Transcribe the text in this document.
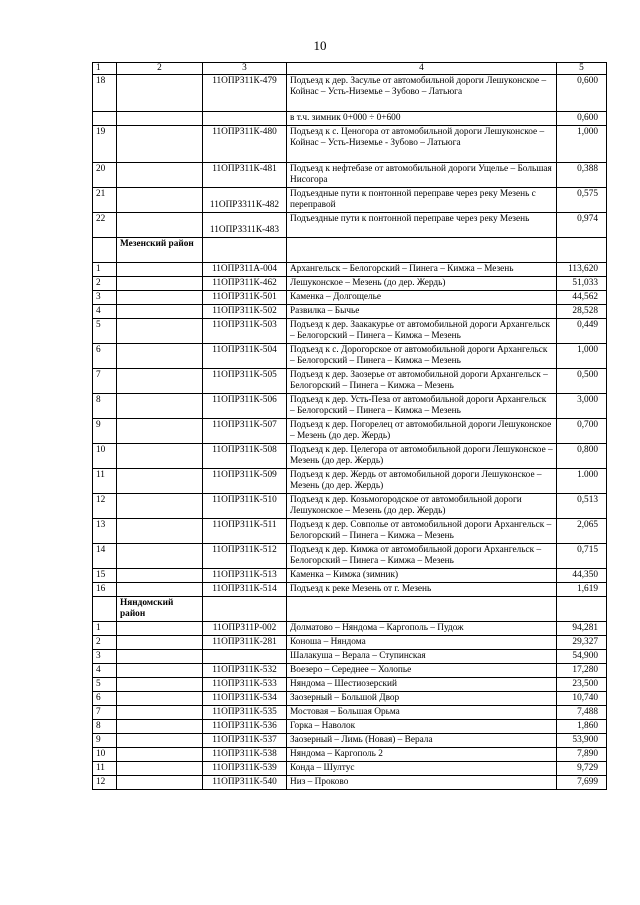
10
1	2	3	4	5
18		11ОПРЗ11К-479	Подъезд к дер. Засулье от автомобильной дороги Лешуконское – Койнас – Усть-Низемье – Зубово – Латьюга	0,600
			в т.ч. зимник 0+000 ÷ 0+600	0,600
19		11ОПРЗ11К-480	Подъезд к с. Ценогора от автомобильной дороги Лешуконское – Койнас – Усть-Низемье - Зубово – Латьюга	1,000
20		11ОПРЗ11К-481	Подъезд к нефтебазе от автомобильной дороги Ущелье – Большая Нисогора	0,388
21		11ОПРЗ311К-482	Подъездные пути к понтонной переправе через реку Мезень с переправой	0,575
22		11ОПРЗ311К-483	Подъездные пути к понтонной переправе через реку Мезень	0,974
	Мезенский район			
1		11ОПРЗ11А-004	Архангельск – Белогорский – Пинега – Кимжа – Мезень	113,620
2		11ОПРЗ11К-462	Лешуконское – Мезень (до дер. Жердь)	51,033
3		11ОПРЗ11К-501	Каменка – Долгощелье	44,562
4		11ОПРЗ11К-502	Развилка – Бычье	28,528
5		11ОПРЗ11К-503	Подъезд к дер. Заакакурье от автомобильной дороги Архангельск – Белогорский – Пинега – Кимжа – Мезень	0,449
6		11ОПРЗ11К-504	Подъезд к с. Дорогорское от автомобильной дороги Архангельск – Белогорский – Пинега – Кимжа – Мезень	1,000
7		11ОПРЗ11К-505	Подъезд к дер. Заозерье от автомобильной дороги Архангельск – Белогорский – Пинега – Кимжа – Мезень	0,500
8		11ОПРЗ11К-506	Подъезд к дер. Усть-Пеза от автомобильной дороги Архангельск – Белогорский – Пинега – Кимжа – Мезень	3,000
9		11ОПРЗ11К-507	Подъезд к дер. Погорелец от автомобильной дороги Лешуконское – Мезень (до дер. Жердь)	0,700
10		11ОПРЗ11К-508	Подъезд к дер. Целегора от автомобильной дороги Лешуконское – Мезень (до дер. Жердь)	0,800
11		11ОПРЗ11К-509	Подъезд к дер. Жердь от автомобильной дороги Лешуконское – Мезень (до дер. Жердь)	1.000
12		11ОПРЗ11К-510	Подъезд к дер. Козьмогородское от автомобильной дороги Лешуконское – Мезень (до дер. Жердь)	0,513
13		11ОПРЗ11К-511	Подъезд к дер. Совполье от автомобильной дороги Архангельск – Белогорский – Пинега – Кимжа – Мезень	2,065
14		11ОПРЗ11К-512	Подъезд к дер. Кимжа от автомобильной дороги Архангельск – Белогорский – Пинега – Кимжа – Мезень	0,715
15		11ОПРЗ11К-513	Каменка – Кимжа (зимник)	44,350
16		11ОПРЗ11К-514	Подъезд к реке Мезень от г. Мезень	1,619
	Няндомский район			
1		11ОПРЗ11Р-002	Долматово – Няндома – Каргополь – Пудож	94,281
2		11ОПРЗ11К-281	Коноша – Няндома	29,327
3			Шалакуша – Верала – Ступинская	54,900
4		11ОПРЗ11К-532	Воезеро – Середнее – Холопье	17,280
5		11ОПРЗ11К-533	Няндома – Шестиозерский	23,500
6		11ОПРЗ11К-534	Заозерный – Большой Двор	10,740
7		11ОПРЗ11К-535	Мостовая – Большая Орьма	7,488
8		11ОПРЗ11К-536	Горка – Наволок	1,860
9		11ОПРЗ11К-537	Заозерный – Лимь (Новая) – Верала	53,900
10		11ОПРЗ11К-538	Няндома – Каргополь 2	7,890
11		11ОПРЗ11К-539	Конда – Шултус	9,729
12		11ОПРЗ11К-540	Низ – Проково	7,699
